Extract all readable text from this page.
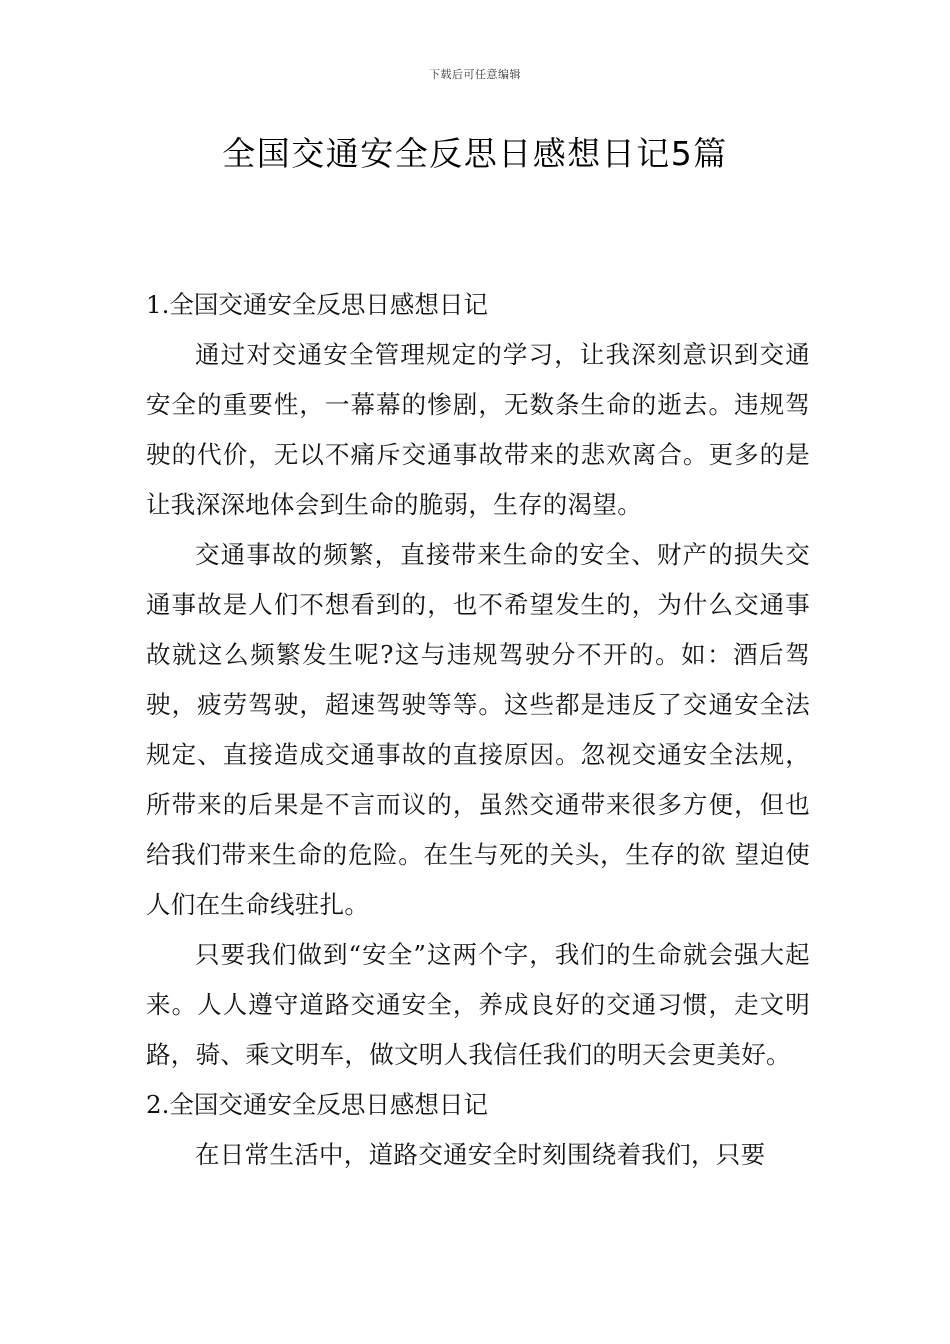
下载后可任意编辑
全国交通安全反思日感想日记5篇
1.全国交通安全反思日感想日记

通过对交通安全管理规定的学习，让我深刻意识到交通安全的重要性，一幕幕的惨剧，无数条生命的逝去。违规驾驶的代价，无以不痛斥交通事故带来的悲欢离合。更多的是让我深深地体会到生命的脆弱，生存的渴望。

交通事故的频繁，直接带来生命的安全、财产的损失交通事故是人们不想看到的，也不希望发生的，为什么交通事故就这么频繁发生呢?这与违规驾驶分不开的。如：酒后驾驶，疲劳驾驶，超速驾驶等等。这些都是违反了交通安全法规定、直接造成交通事故的直接原因。忽视交通安全法规，所带来的后果是不言而议的，虽然交通带来很多方便，但也给我们带来生命的危险。在生与死的关头，生存的欲 望迫使人们在生命线驻扎。

只要我们做到“安全”这两个字，我们的生命就会强大起来。人人遵守道路交通安全，养成良好的交通习惯，走文明路，骑、乘文明车，做文明人我信任我们的明天会更美好。

2.全国交通安全反思日感想日记

在日常生活中，道路交通安全时刻围绕着我们，只要
